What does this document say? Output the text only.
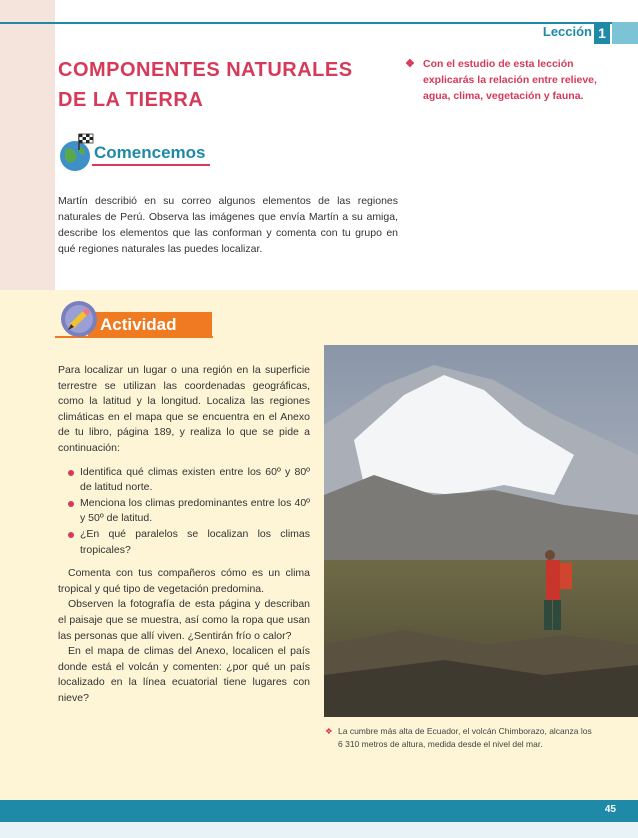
Lección 1
COMPONENTES NATURALES
DE LA TIERRA
❖ Con el estudio de esta lección explicarás la relación entre relieve, agua, clima, vegetación y fauna.
Comencemos
Martín describió en su correo algunos elementos de las regiones naturales de Perú. Observa las imágenes que envía Martín a su amiga, describe los elementos que las conforman y comenta con tu grupo en qué regiones naturales las puedes localizar.
Actividad

Para localizar un lugar o una región en la superficie terrestre se utilizan las coordenadas geográficas, como la latitud y la longitud. Localiza las regiones climáticas en el mapa que se encuentra en el Anexo de tu libro, página 189, y realiza lo que se pide a continuación:

Identifica qué climas existen entre los 60º y 80º de latitud norte.
Menciona los climas predominantes entre los 40º y 50º de latitud.
¿En qué paralelos se localizan los climas tropicales?

Comenta con tus compañeros cómo es un clima tropical y qué tipo de vegetación predomina.

Observen la fotografía de esta página y describan el paisaje que se muestra, así como la ropa que usan las personas que allí viven. ¿Sentirán frío o calor?

En el mapa de climas del Anexo, localicen el país donde está el volcán y comenten: ¿por qué un país localizado en la línea ecuatorial tiene lugares con nieve?

❖ La cumbre más alta de Ecuador, el volcán Chimborazo, alcanza los 6 310 metros de altura, medida desde el nivel del mar.
45
